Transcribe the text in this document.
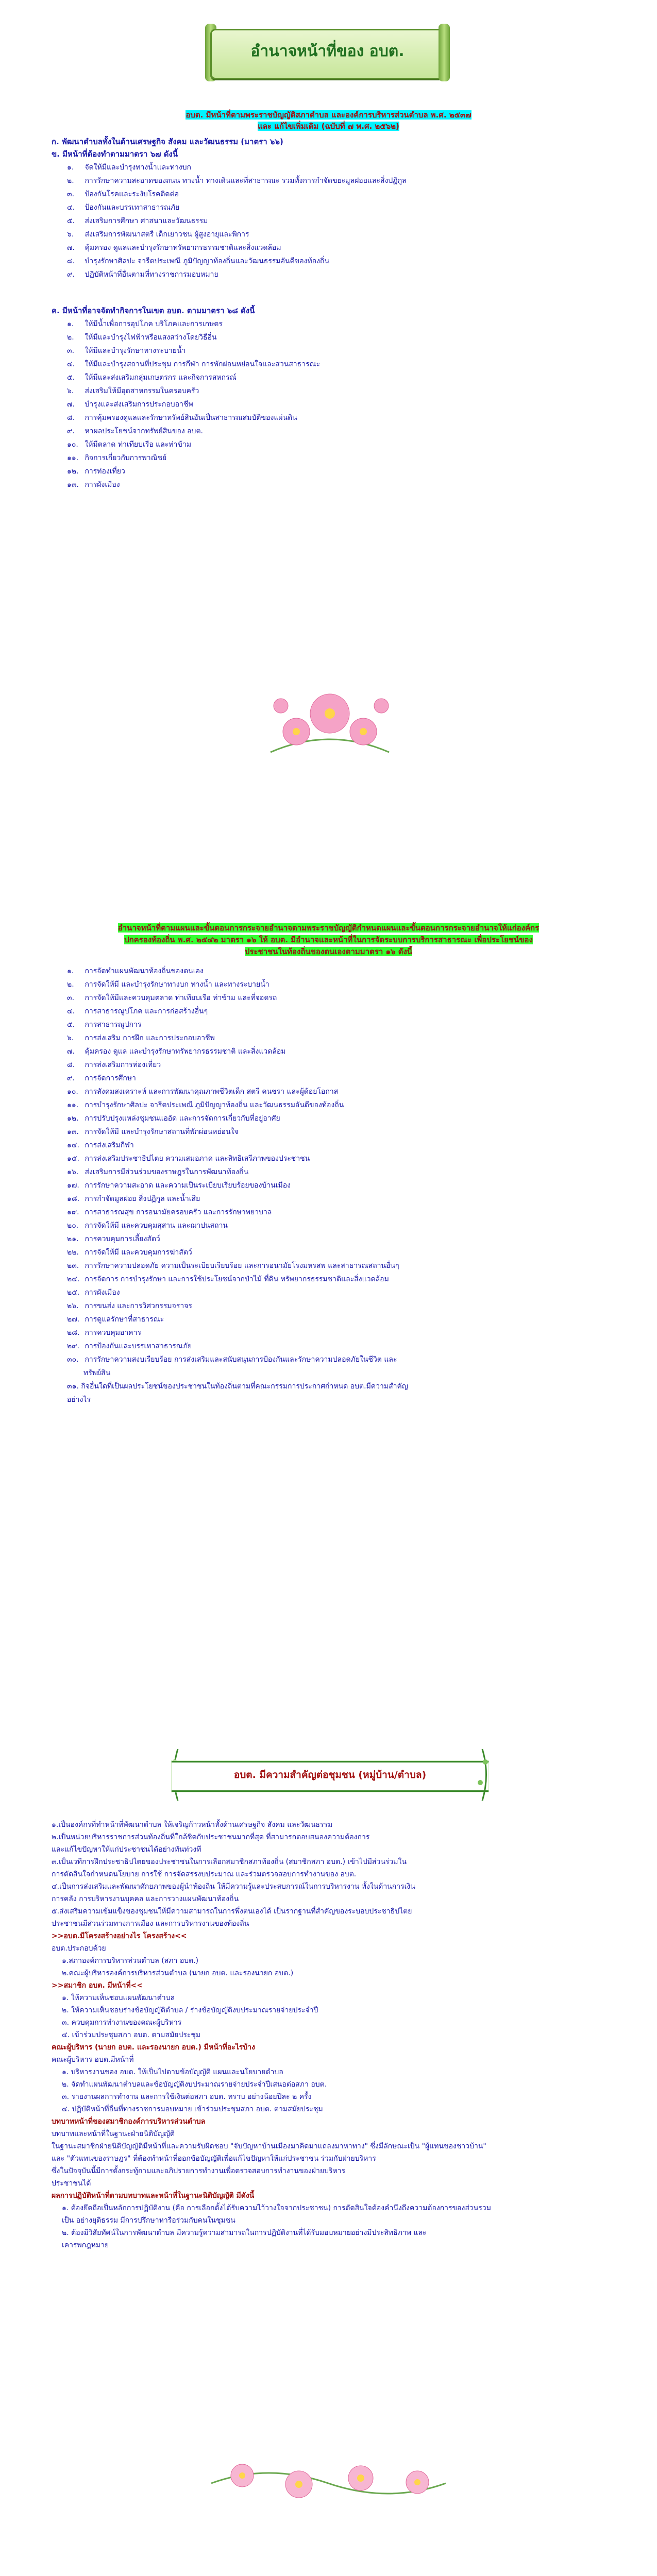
อำนาจหน้าที่ของ อบต.
อบต. มีหน้าที่ตามพระราชบัญญัติสภาตำบล และองค์การบริหารส่วนตำบล พ.ศ. ๒๕๓๗
และ แก้ไขเพิ่มเติม (ฉบับที่ ๗ พ.ศ. ๒๕๖๒)
ก. พัฒนาตำบลทั้งในด้านเศรษฐกิจ สังคม และวัฒนธรรม (มาตรา ๖๖)
ข. มีหน้าที่ต้องทำตามมาตรา ๖๗ ดังนี้
๑. จัดให้มีและบำรุงทางน้ำและทางบก
๒. การรักษาความสะอาดของถนน ทางน้ำ ทางเดินและที่สาธารณะ รวมทั้งการกำจัดขยะมูลฝอยและสิ่งปฏิกูล
๓. ป้องกันโรคและระงับโรคติดต่อ
๔. ป้องกันและบรรเทาสาธารณภัย
๕. ส่งเสริมการศึกษา ศาสนาและวัฒนธรรม
๖. ส่งเสริมการพัฒนาสตรี เด็กเยาวชน ผู้สูงอายุและพิการ
๗. คุ้มครอง ดูแลและบำรุงรักษาทรัพยากรธรรมชาติและสิ่งแวดล้อม
๘. บำรุงรักษาศิลปะ จารีตประเพณี ภูมิปัญญาท้องถิ่นและวัฒนธรรมอันดีของท้องถิ่น
๙. ปฏิบัติหน้าที่อื่นตามที่ทางราชการมอบหมาย
ค. มีหน้าที่อาจจัดทำกิจการในเขต อบต. ตามมาตรา ๖๘ ดังนี้
๑. ให้มีน้ำเพื่อการอุปโภค บริโภคและการเกษตร
๒. ให้มีและบำรุงไฟฟ้าหรือแสงสว่างโดยวิธีอื่น
๓. ให้มีและบำรุงรักษาทางระบายน้ำ
๔. ให้มีและบำรุงสถานที่ประชุม การกีฬา การพักผ่อนหย่อนใจและสวนสาธารณะ
๕. ให้มีและส่งเสริมกลุ่มเกษตรกร และกิจการสหกรณ์
๖. ส่งเสริมให้มีอุตสาหกรรมในครอบครัว
๗. บำรุงและส่งเสริมการประกอบอาชีพ
๘. การคุ้มครองดูแลและรักษาทรัพย์สินอันเป็นสาธารณสมบัติของแผ่นดิน
๙. หาผลประโยชน์จากทรัพย์สินของ อบต.
๑๐. ให้มีตลาด ท่าเทียบเรือ และท่าข้าม
๑๑. กิจการเกี่ยวกับการพาณิชย์
๑๒. การท่องเที่ยว
๑๓. การผังเมือง
อำนาจหน้าที่ตามแผนและขั้นตอนการกระจายอำนาจตามพระราชบัญญัติกำหนดแผนและขั้นตอนการกระจายอำนาจให้แก่องค์กร
ปกครองท้องถิ่น พ.ศ. ๒๕๔๒ มาตรา ๑๖ ให้ อบต. มีอำนาจและหน้าที่ในการจัดระบบการบริการสาธารณะ เพื่อประโยชน์ของ
ประชาชนในท้องถิ่นของตนเองตามมาตรา ๑๖ ดังนี้
๑. การจัดทำแผนพัฒนาท้องถิ่นของตนเอง
๒. การจัดให้มี และบำรุงรักษาทางบก ทางน้ำ และทางระบายน้ำ
๓. การจัดให้มีและควบคุมตลาด ท่าเทียบเรือ ท่าข้าม และที่จอดรถ
๔. การสาธารณูปโภค และการก่อสร้างอื่นๆ
๕. การสาธารณูปการ
๖. การส่งเสริม การฝึก และการประกอบอาชีพ
๗. คุ้มครอง ดูแล และบำรุงรักษาทรัพยากรธรรมชาติ และสิ่งแวดล้อม
๘. การส่งเสริมการท่องเที่ยว
๙. การจัดการศึกษา
๑๐. การสังคมสงเคราะห์ และการพัฒนาคุณภาพชีวิตเด็ก สตรี คนชรา และผู้ด้อยโอกาส
๑๑. การบำรุงรักษาศิลปะ จารีตประเพณี ภูมิปัญญาท้องถิ่น และวัฒนธรรมอันดีของท้องถิ่น
๑๒. การปรับปรุงแหล่งชุมชนแออัด และการจัดการเกี่ยวกับที่อยู่อาศัย
๑๓. การจัดให้มี และบำรุงรักษาสถานที่พักผ่อนหย่อนใจ
๑๔. การส่งเสริมกีฬา
๑๕. การส่งเสริมประชาธิปไตย ความเสมอภาค และสิทธิเสรีภาพของประชาชน
๑๖. ส่งเสริมการมีส่วนร่วมของราษฎรในการพัฒนาท้องถิ่น
๑๗. การรักษาความสะอาด และความเป็นระเบียบเรียบร้อยของบ้านเมือง
๑๘. การกำจัดมูลฝอย สิ่งปฏิกูล และน้ำเสีย
๑๙. การสาธารณสุข การอนามัยครอบครัว และการรักษาพยาบาล
๒๐. การจัดให้มี และควบคุมสุสาน และฌาปนสถาน
๒๑. การควบคุมการเลี้ยงสัตว์
๒๒. การจัดให้มี และควบคุมการฆ่าสัตว์
๒๓. การรักษาความปลอดภัย ความเป็นระเบียบเรียบร้อย และการอนามัยโรงมหรสพ และสาธารณสถานอื่นๆ
๒๔. การจัดการ การบำรุงรักษา และการใช้ประโยชน์จากป่าไม้ ที่ดิน ทรัพยากรธรรมชาติและสิ่งแวดล้อม
๒๕. การผังเมือง
๒๖. การขนส่ง และการวิศวกรรมจราจร
๒๗. การดูแลรักษาที่สาธารณะ
๒๘. การควบคุมอาคาร
๒๙. การป้องกันและบรรเทาสาธารณภัย
๓๐. การรักษาความสงบเรียบร้อย การส่งเสริมและสนับสนุนการป้องกันและรักษาความปลอดภัยในชีวิต และ
ทรัพย์สิน
๓๑. กิจอื่นใดที่เป็นผลประโยชน์ของประชาชนในท้องถิ่นตามที่คณะกรรมการประกาศกำหนด อบต.มีความสำคัญ
อย่างไร
อบต. มีความสำคัญต่อชุมชน (หมู่บ้าน/ตำบล)
๑.เป็นองค์กรที่ทำหน้าที่พัฒนาตำบล ให้เจริญก้าวหน้าทั้งด้านเศรษฐกิจ สังคม และวัฒนธรรม
๒.เป็นหน่วยบริหารราชการส่วนท้องถิ่นที่ใกล้ชิดกับประชาชนมากที่สุด ที่สามารถตอบสนองความต้องการ
และแก้ไขปัญหาให้แก่ประชาชนได้อย่างทันท่วงที
๓.เป็นเวทีการฝึกประชาธิปไตยของประชาชนในการเลือกสมาชิกสภาท้องถิ่น (สมาชิกสภา อบต.) เข้าไปมีส่วนร่วมใน
การตัดสินใจกำหนดนโยบาย การใช้ การจัดสรรงบประมาณ และร่วมตรวจสอบการทำงานของ อบต.
๔.เป็นการส่งเสริมและพัฒนาศักยภาพของผู้นำท้องถิ่น ให้มีความรู้และประสบการณ์ในการบริหารงาน ทั้งในด้านการเงิน
การคลัง การบริหารงานบุคคล และการวางแผนพัฒนาท้องถิ่น
๕.ส่งเสริมความเข้มแข็งของชุมชนให้มีความสามารถในการพึ่งตนเองได้ เป็นรากฐานที่สำคัญของระบอบประชาธิปไตย
ประชาชนมีส่วนร่วมทางการเมือง และการบริหารงานของท้องถิ่น
>>อบต.มีโครงสร้างอย่างไร โครงสร้าง<<
อบต.ประกอบด้วย
๑.สภาองค์การบริหารส่วนตำบล (สภา อบต.)
๒.คณะผู้บริหารองค์การบริหารส่วนตำบล (นายก อบต. และรองนายก อบต.)
>>สมาชิก อบต. มีหน้าที่<<
๑. ให้ความเห็นชอบแผนพัฒนาตำบล
๒. ให้ความเห็นชอบร่างข้อบัญญัติตำบล / ร่างข้อบัญญัติงบประมาณรายจ่ายประจำปี
๓. ควบคุมการทำงานของคณะผู้บริหาร
๔. เข้าร่วมประชุมสภา อบต. ตามสมัยประชุม
คณะผู้บริหาร (นายก อบต. และรองนายก อบต.) มีหน้าที่อะไรบ้าง
คณะผู้บริหาร อบต.มีหน้าที่
๑. บริหารงานของ อบต. ให้เป็นไปตามข้อบัญญัติ แผนและนโยบายตำบล
๒. จัดทำแผนพัฒนาตำบลและข้อบัญญัติงบประมาณรายจ่ายประจำปีเสนอต่อสภา อบต.
๓. รายงานผลการทำงาน และการใช้เงินต่อสภา อบต. ทราบ อย่างน้อยปีละ ๒ ครั้ง
๔. ปฏิบัติหน้าที่อื่นที่ทางราชการมอบหมาย เข้าร่วมประชุมสภา อบต. ตามสมัยประชุม
บทบาทหน้าที่ของสมาชิกองค์การบริหารส่วนตำบล
บทบาทและหน้าที่ในฐานะฝ่ายนิติบัญญัติ
ในฐานะสมาชิกฝ่ายนิติบัญญัติมีหน้าที่และความรับผิดชอบ "จับปัญหาบ้านเมืองมาคิดมาแถลงมาหาทาง" ซึ่งมีลักษณะเป็น "ผู้แทนของชาวบ้าน"
และ "ตัวแทนของราษฎร" ที่ต้องทำหน้าที่ออกข้อบัญญัติเพื่อแก้ไขปัญหาให้แก่ประชาชน ร่วมกับฝ่ายบริหาร
ซึ่งในปัจจุบันนี้มีการตั้งกระทู้ถามและอภิปรายการทำงานเพื่อตรวจสอบการทำงานของฝ่ายบริหาร
ประชาชนได้
ผลการปฏิบัติหน้าที่ตามบทบาทและหน้าที่ในฐานะนิติบัญญัติ มีดังนี้
๑. ต้องยึดถือเป็นหลักการปฏิบัติงาน (คือ การเลือกตั้งได้รับความไว้วางใจจากประชาชน) การตัดสินใจต้องคำนึงถึงความต้องการของส่วนรวม
เป็น อย่างยุติธรรม มีการปรึกษาหารือร่วมกับคนในชุมชน
๒. ต้องมีวิสัยทัศน์ในการพัฒนาตำบล มีความรู้ความสามารถในการปฏิบัติงานที่ได้รับมอบหมายอย่างมีประสิทธิภาพ และ
เคารพกฎหมาย
